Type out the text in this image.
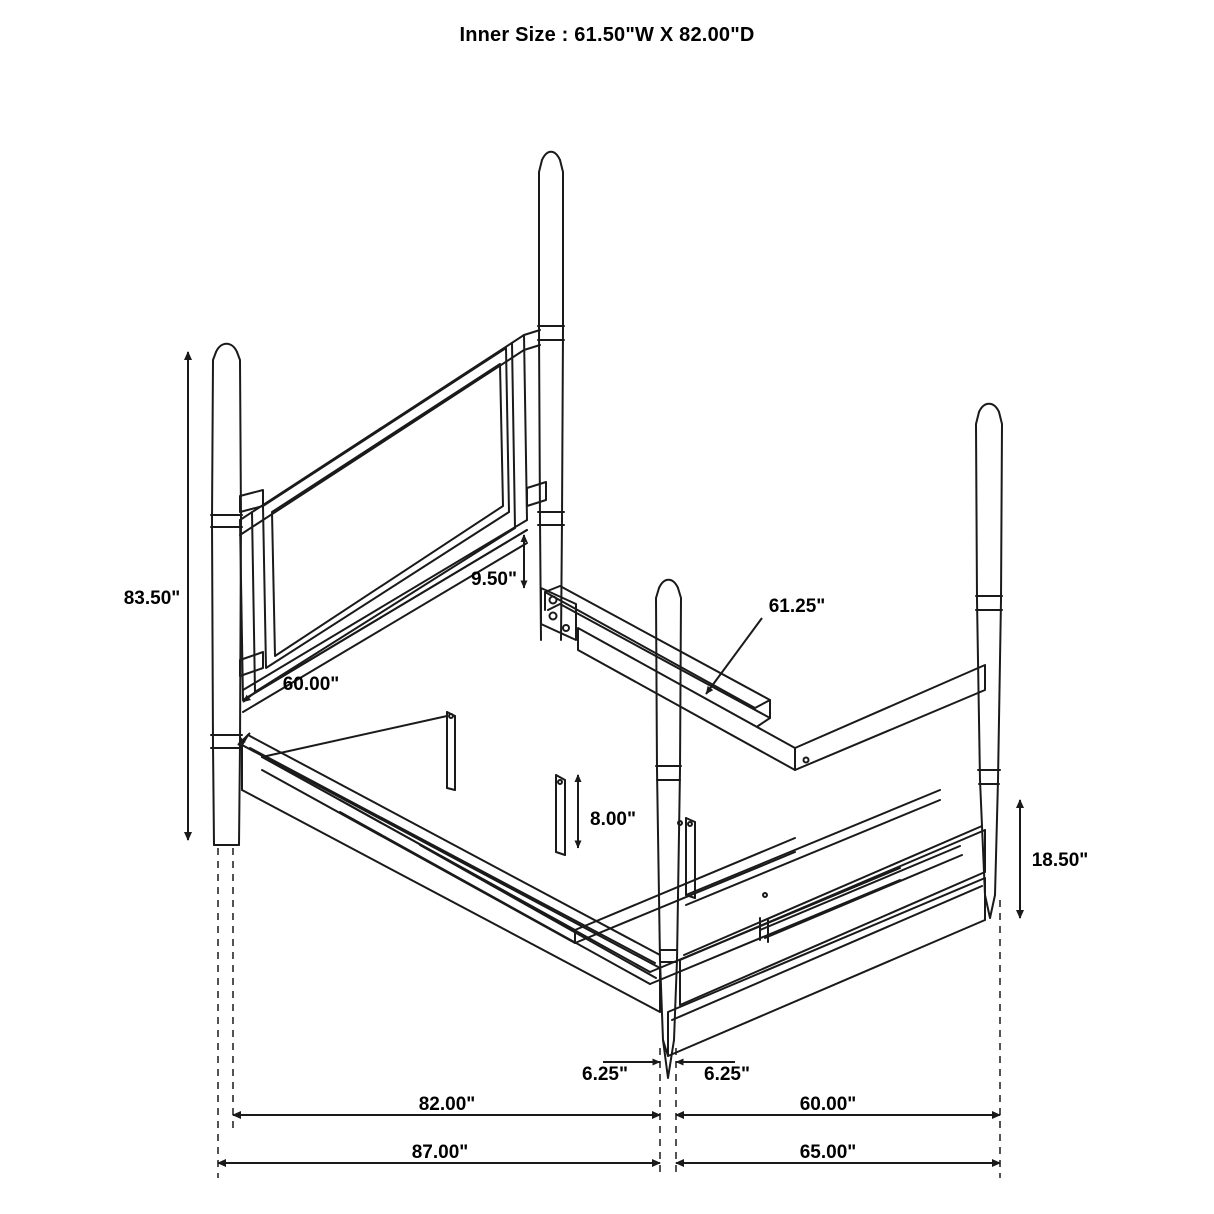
Inner Size : 61.50"W X 82.00"D
83.50"
9.50"
60.00"
61.25"
8.00"
18.50"
6.25"	6.25"
82.00"	60.00"
87.00"	65.00"
